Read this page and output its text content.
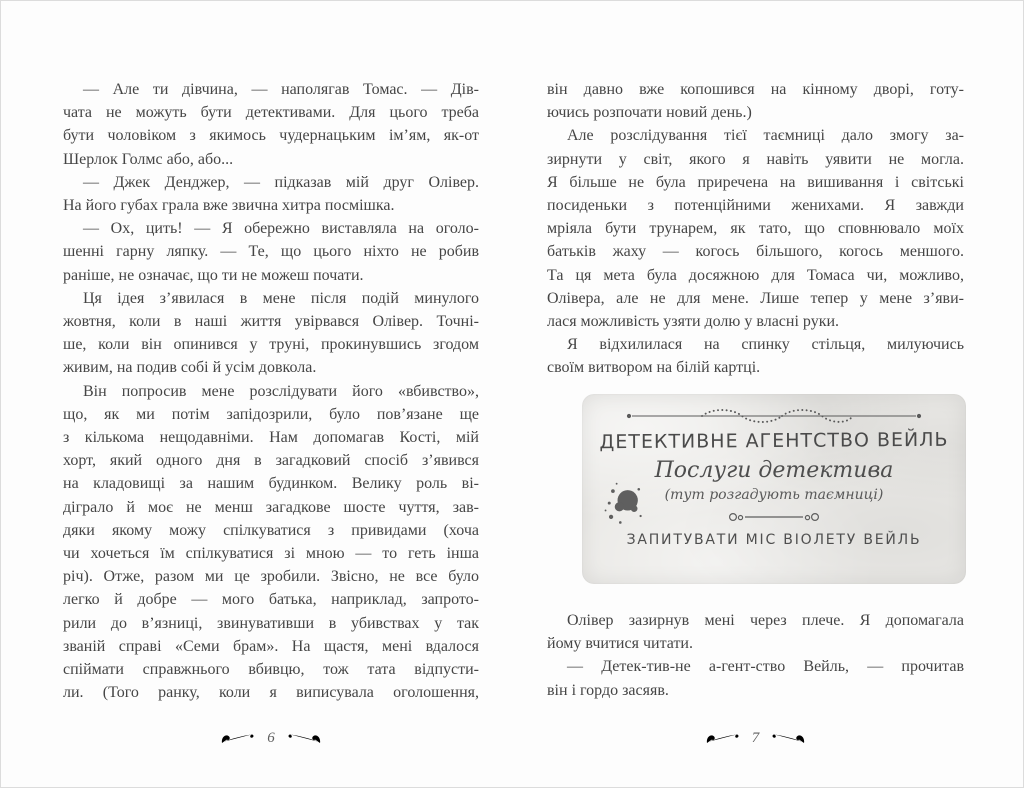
— Але ти дівчина, — наполягав Томас. — Дів-
чата не можуть бути детективами. Для цього треба
бути чоловіком з якимось чудернацьким ім’ям, як-от
Шерлок Голмс або, або...
— Джек Денджер, — підказав мій друг Олівер.
На його губах грала вже звична хитра посмішка.
— Ох, цить! — Я обережно виставляла на оголо-
шенні гарну ляпку. — Те, що цього ніхто не робив
раніше, не означає, що ти не можеш почати.
Ця ідея з’явилася в мене після подій минулого
жовтня, коли в наші життя увірвався Олівер. Точні-
ше, коли він опинився у труні, прокинувшись згодом
живим, на подив собі й усім довкола.
Він попросив мене розслідувати його «вбивство»,
що, як ми потім запідозрили, було пов’язане ще
з кількома нещодавніми. Нам допомагав Кості, мій
хорт, який одного дня в загадковий спосіб з’явився
на кладовищі за нашим будинком. Велику роль ві-
діграло й моє не менш загадкове шосте чуття, зав-
дяки якому можу спілкуватися з привидами (хоча
чи хочеться їм спілкуватися зі мною — то геть інша
річ). Отже, разом ми це зробили. Звісно, не все було
легко й добре — мого батька, наприклад, запрото-
рили до в’язниці, звинувативши в убивствах у так
званій справі «Семи брам». На щастя, мені вдалося
спіймати справжнього вбивцю, тож тата відпусти-
ли. (Того ранку, коли я виписувала оголошення,
6
він давно вже копошився на кінному дворі, готу-
ючись розпочати новий день.)
Але розслідування тієї таємниці дало змогу за-
зирнути у світ, якого я навіть уявити не могла.
Я більше не була приречена на вишивання і світські
посиденьки з потенційними женихами. Я завжди
мріяла бути трунарем, як тато, що сповнювало моїх
батьків жаху — когось більшого, когось меншого.
Та ця мета була досяжною для Томаса чи, можливо,
Олівера, але не для мене. Лише тепер у мене з’яви-
лася можливість узяти долю у власні руки.
Я відхилилася на спинку стільця, милуючись
своїм витвором на білій картці.
ДЕТЕКТИВНЕ АГЕНТСТВО ВЕЙЛЬ
Послуги детектива
(тут розгадують таємниці)
ЗАПИТУВАТИ МІС ВІОЛЕТУ ВЕЙЛЬ
Олівер зазирнув мені через плече. Я допомагала
йому вчитися читати.
— Детек-тив-не а-гент-ство Вейль, — прочитав
він і гордо засяяв.
7
